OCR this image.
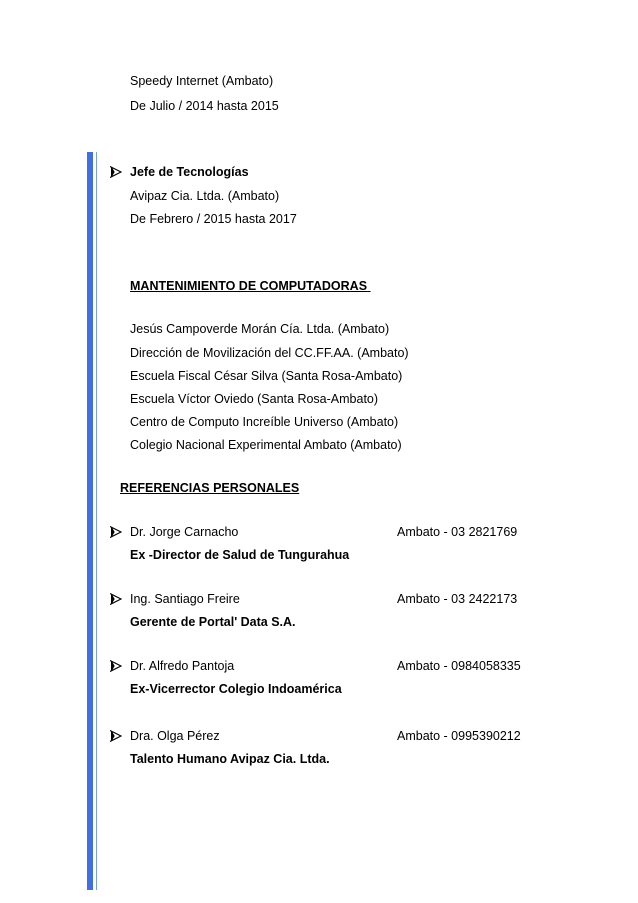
Speedy Internet (Ambato)
De Julio / 2014 hasta 2015
Jefe de Tecnologías
Avipaz Cia. Ltda. (Ambato)
De Febrero / 2015 hasta 2017
MANTENIMIENTO DE COMPUTADORAS
Jesús Campoverde Morán Cía. Ltda. (Ambato)
Dirección de Movilización del CC.FF.AA. (Ambato)
Escuela Fiscal César Silva (Santa Rosa-Ambato)
Escuela Víctor Oviedo (Santa Rosa-Ambato)
Centro de Computo Increíble Universo (Ambato)
Colegio Nacional Experimental Ambato (Ambato)
REFERENCIAS PERSONALES
Dr. Jorge Carnacho	Ambato - 03 2821769
Ex -Director de Salud de Tungurahua
Ing. Santiago Freire	Ambato - 03 2422173
Gerente de Portal' Data S.A.
Dr. Alfredo Pantoja	Ambato - 0984058335
Ex-Vicerrector Colegio Indoamérica
Dra. Olga Pérez	Ambato - 0995390212
Talento Humano Avipaz Cia. Ltda.
